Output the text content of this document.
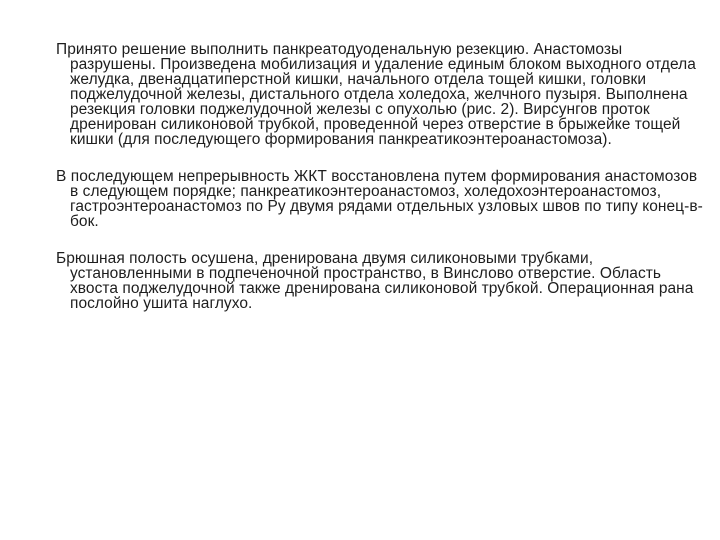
Принято решение выполнить панкреатодуоденальную резекцию. Анастомозы разрушены. Произведена мобилизация и удаление единым блоком выходного отдела желудка, двенадцатиперстной кишки, начального отдела тощей кишки, головки поджелудочной железы, дистального отдела холедоха, желчного пузыря. Выполнена резекция головки поджелудочной железы с опухолью (рис. 2). Вирсунгов проток дренирован силиконовой трубкой, проведенной через отверстие в брыжейке тощей кишки (для последующего формирования панкреатикоэнтероанастомоза).

В последующем непрерывность ЖКТ восстановлена путем формирования анастомозов в следующем порядке; панкреатикоэнтероанастомоз, холедохоэнтероанастомоз, гастроэнтероанастомоз по Ру двумя рядами отдельных узловых швов по типу конец-в-бок.

Брюшная полость осушена, дренирована двумя силиконовыми трубками, установленными в подпеченочной пространство, в Винслово отверстие. Область хвоста поджелудочной также дренирована силиконовой трубкой. Операционная рана послойно ушита наглухо.
